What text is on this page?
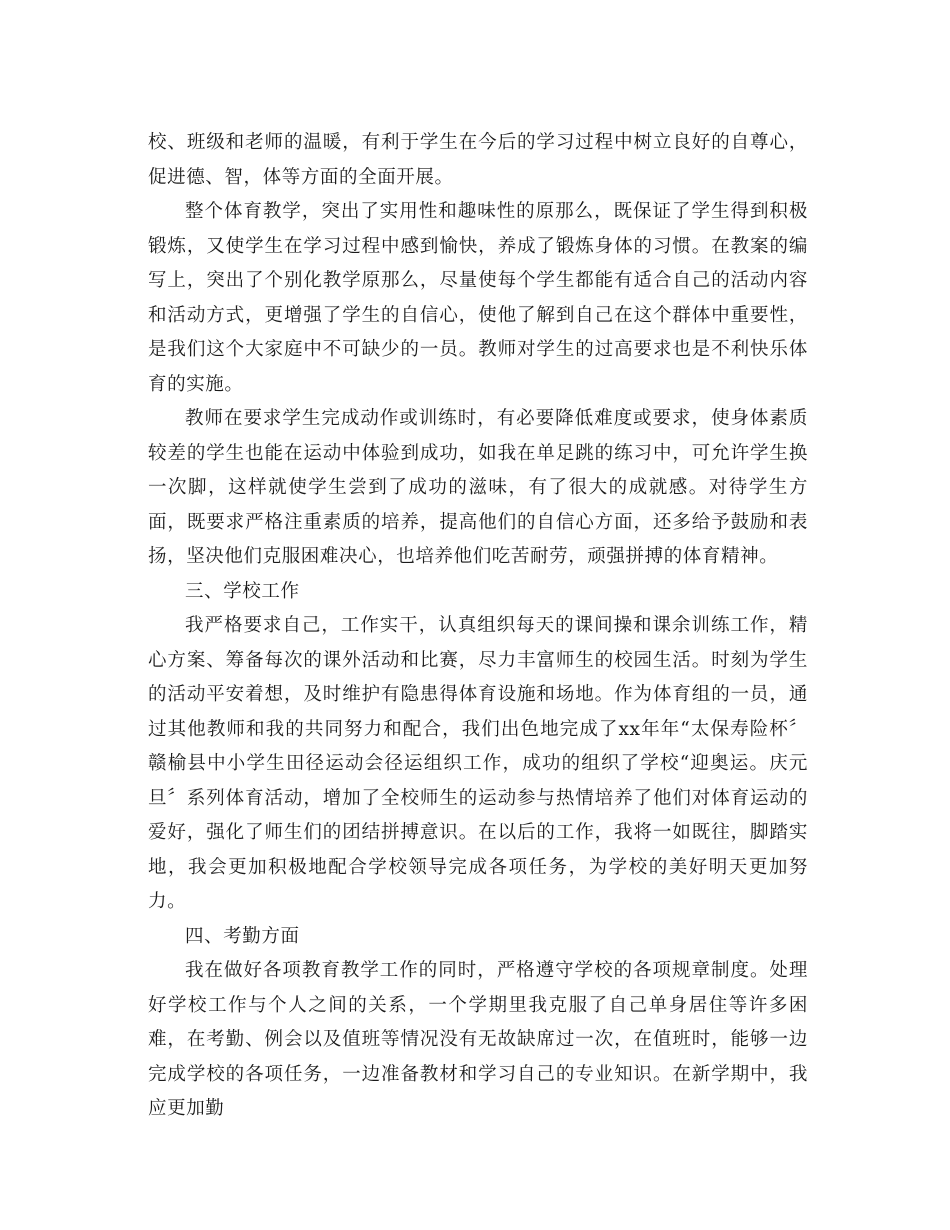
校、班级和老师的温暖，有利于学生在今后的学习过程中树立良好的自尊心，促进德、智，体等方面的全面开展。

整个体育教学，突出了实用性和趣味性的原那么，既保证了学生得到积极锻炼，又使学生在学习过程中感到愉快，养成了锻炼身体的习惯。在教案的编写上，突出了个别化教学原那么，尽量使每个学生都能有适合自己的活动内容和活动方式，更增强了学生的自信心，使他了解到自己在这个群体中重要性，是我们这个大家庭中不可缺少的一员。教师对学生的过高要求也是不利快乐体育的实施。

教师在要求学生完成动作或训练时，有必要降低难度或要求，使身体素质较差的学生也能在运动中体验到成功，如我在单足跳的练习中，可允许学生换一次脚，这样就使学生尝到了成功的滋味，有了很大的成就感。对待学生方面，既要求严格注重素质的培养，提高他们的自信心方面，还多给予鼓励和表扬，坚决他们克服困难决心，也培养他们吃苦耐劳，顽强拼搏的体育精神。

三、学校工作

我严格要求自己，工作实干，认真组织每天的课间操和课余训练工作，精心方案、筹备每次的课外活动和比赛，尽力丰富师生的校园生活。时刻为学生的活动平安着想，及时维护有隐患得体育设施和场地。作为体育组的一员，通过其他教师和我的共同努力和配合，我们出色地完成了xx年年“太保寿险杯〞赣榆县中小学生田径运动会径运组织工作，成功的组织了学校“迎奥运。庆元旦〞系列体育活动，增加了全校师生的运动参与热情培养了他们对体育运动的爱好，强化了师生们的团结拼搏意识。在以后的工作，我将一如既往，脚踏实地，我会更加积极地配合学校领导完成各项任务，为学校的美好明天更加努力。

四、考勤方面

我在做好各项教育教学工作的同时，严格遵守学校的各项规章制度。处理好学校工作与个人之间的关系，一个学期里我克服了自己单身居住等许多困难，在考勤、例会以及值班等情况没有无故缺席过一次，在值班时，能够一边完成学校的各项任务，一边准备教材和学习自己的专业知识。在新学期中，我应更加勤
